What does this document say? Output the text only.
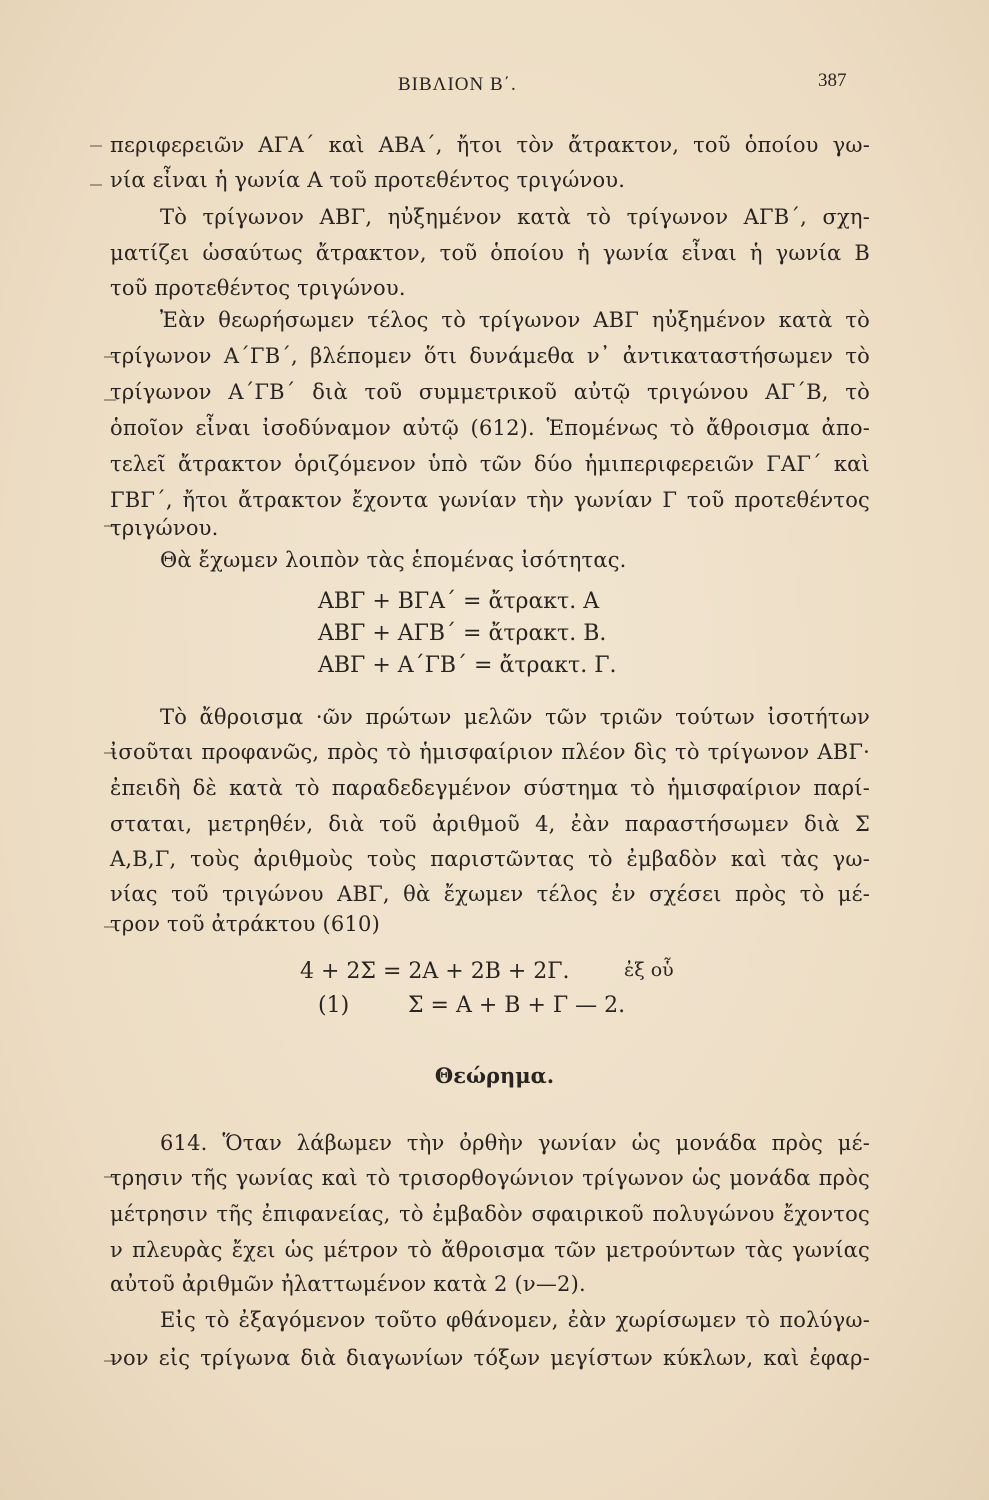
ΒΙΒΛΙΟΝ Β΄.	387
περιφερειῶν ΑΓΑ΄ καὶ ΑΒΑ΄, ἤτοι τὸν ἄτρακτον, τοῦ ὁποίου γω-
νία εἶναι ἡ γωνία Α τοῦ προτεθέντος τριγώνου.
Τὸ τρίγωνον ΑΒΓ, ηὐξημένον κατὰ τὸ τρίγωνον ΑΓΒ΄, σχη-
ματίζει ὡσαύτως ἄτρακτον, τοῦ ὁποίου ἡ γωνία εἶναι ἡ γωνία Β
τοῦ προτεθέντος τριγώνου.
Ἐὰν θεωρήσωμεν τέλος τὸ τρίγωνον ΑΒΓ ηὐξημένον κατὰ τὸ
τρίγωνον Α΄ΓΒ΄, βλέπομεν ὅτι δυνάμεθα ν᾽ ἀντικαταστήσωμεν τὸ
τρίγωνον Α΄ΓΒ΄ διὰ τοῦ συμμετρικοῦ αὐτῷ τριγώνου ΑΓ΄Β, τὸ
ὁποῖον εἶναι ἰσοδύναμον αὐτῷ (612). Ἑπομένως τὸ ἄθροισμα ἀπο-
τελεῖ ἄτρακτον ὁριζόμενον ὑπὸ τῶν δύο ἡμιπεριφερειῶν ΓΑΓ΄ καὶ
ΓΒΓ΄, ἤτοι ἄτρακτον ἔχοντα γωνίαν τὴν γωνίαν Γ τοῦ προτεθέντος
τριγώνου.
Θὰ ἔχωμεν λοιπὸν τὰς ἑπομένας ἰσότητας.
ΑΒΓ + ΒΓΑ΄ = ἄτρακτ. Α
ΑΒΓ + ΑΓΒ΄ = ἄτρακτ. Β.
ΑΒΓ + Α΄ΓΒ΄ = ἄτρακτ. Γ.
Τὸ ἄθροισμα ·ῶν πρώτων μελῶν τῶν τριῶν τούτων ἰσοτήτων
ἰσοῦται προφανῶς, πρὸς τὸ ἡμισφαίριον πλέον δὶς τὸ τρίγωνον ΑΒΓ·
ἐπειδὴ δὲ κατὰ τὸ παραδεδεγμένον σύστημα τὸ ἡμισφαίριον παρί-
σταται, μετρηθέν, διὰ τοῦ ἀριθμοῦ 4, ἐὰν παραστήσωμεν διὰ Σ
Α,Β,Γ, τοὺς ἀριθμοὺς τοὺς παριστῶντας τὸ ἐμβαδὸν καὶ τὰς γω-
νίας τοῦ τριγώνου ΑΒΓ, θὰ ἔχωμεν τέλος ἐν σχέσει πρὸς τὸ μέ-
τρον τοῦ ἀτράκτου (610)
4 + 2Σ = 2Α + 2Β + 2Γ.	ἐξ οὗ
(1)	Σ = Α + Β + Γ — 2.
Θεώρημα.
614. Ὅταν λάβωμεν τὴν ὀρθὴν γωνίαν ὡς μονάδα πρὸς μέ-
τρησιν τῆς γωνίας καὶ τὸ τρισορθογώνιον τρίγωνον ὡς μονάδα πρὸς
μέτρησιν τῆς ἐπιφανείας, τὸ ἐμβαδὸν σφαιρικοῦ πολυγώνου ἔχοντος
ν πλευρὰς ἔχει ὡς μέτρον τὸ ἄθροισμα τῶν μετρούντων τὰς γωνίας
αὐτοῦ ἀριθμῶν ἠλαττωμένον κατὰ 2 (ν—2).
Εἰς τὸ ἐξαγόμενον τοῦτο φθάνομεν, ἐὰν χωρίσωμεν τὸ πολύγω-
νον εἰς τρίγωνα διὰ διαγωνίων τόξων μεγίστων κύκλων, καὶ ἐφαρ-
